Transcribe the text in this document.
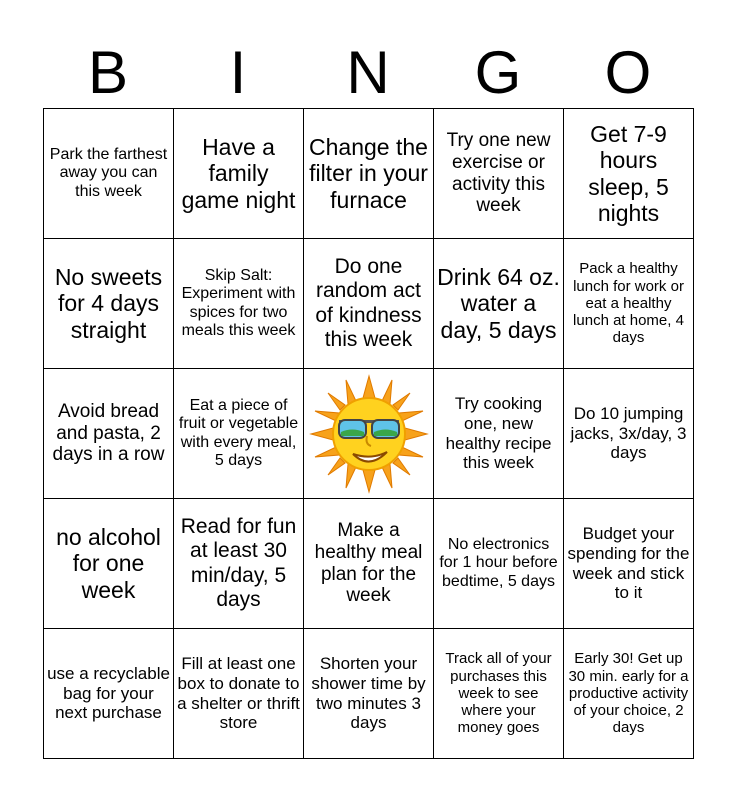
B	I	N	G	O
Park the farthest away you can this week	Have a family game night	Change the filter in your furnace	Try one new exercise or activity this week	Get 7-9 hours sleep, 5 nights
No sweets for 4 days straight	Skip Salt: Experiment with spices for two meals this week	Do one random act of kindness this week	Drink 64 oz. water a day, 5 days	Pack a healthy lunch for work or eat a healthy lunch at home, 4 days
Avoid bread and pasta, 2 days in a row	Eat a piece of fruit or vegetable with every meal, 5 days		Try cooking one, new healthy recipe this week	Do 10 jumping jacks, 3x/day, 3 days
no alcohol for one week	Read for fun at least 30 min/day, 5 days	Make a healthy meal plan for the week	No electronics for 1 hour before bedtime, 5 days	Budget your spending for the week and stick to it
use a recyclable bag for your next purchase	Fill at least one box to donate to a shelter or thrift store	Shorten your shower time by two minutes 3 days	Track all of your purchases this week to see where your money goes	Early 30! Get up 30 min. early for a productive activity of your choice, 2 days
